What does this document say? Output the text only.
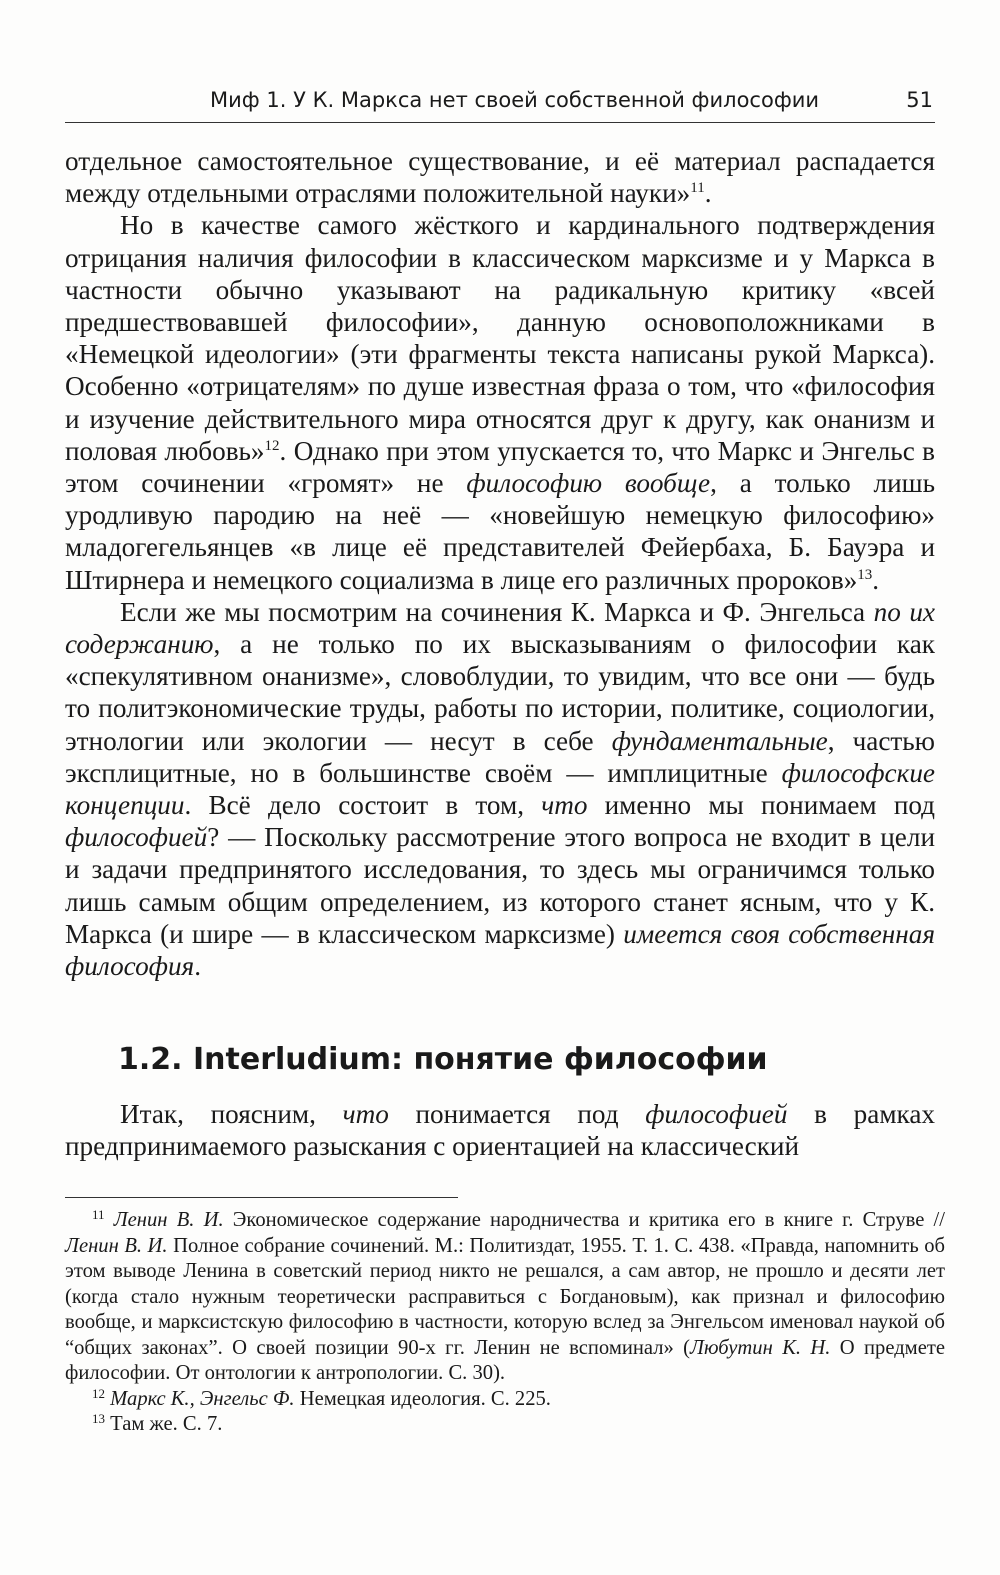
Миф 1. У К. Маркса нет своей собственной философии	51

отдельное самостоятельное существование, и её материал распадается между отдельными отраслями положительной науки»$^{11}$.

Но в качестве самого жёсткого и кардинального подтверждения отрицания наличия философии в классическом марксизме и у Маркса в частности обычно указывают на радикальную критику «всей предшествовавшей философии», данную основоположниками в «Немецкой идеологии» (эти фрагменты текста написаны рукой Маркса). Особенно «отрицателям» по душе известная фраза о том, что «философия и изучение действительного мира относятся друг к другу, как онанизм и половая любовь»$^{12}$. Однако при этом упускается то, что Маркс и Энгельс в этом сочинении «громят» не философию вообще, а только лишь уродливую пародию на неё — «новейшую немецкую философию» младогегельянцев «в лице её представителей Фейербаха, Б. Бауэра и Штирнера и немецкого социализма в лице его различных пророков»$^{13}$.

Если же мы посмотрим на сочинения К. Маркса и Ф. Энгельса по их содержанию, а не только по их высказываниям о философии как «спекулятивном онанизме», словоблудии, то увидим, что все они — будь то политэкономические труды, работы по истории, политике, социологии, этнологии или экологии — несут в себе фундаментальные, частью эксплицитные, но в большинстве своём — имплицитные философские концепции. Всё дело состоит в том, что именно мы понимаем под философией? — Поскольку рассмотрение этого вопроса не входит в цели и задачи предпринятого исследования, то здесь мы ограничимся только лишь самым общим определением, из которого станет ясным, что у К. Маркса (и шире — в классическом марксизме) имеется своя собственная философия.

1.2. Interludium: понятие философии

Итак, поясним, что понимается под философией в рамках предпринимаемого разыскания с ориентацией на классический

$^{11}$ Ленин В. И. Экономическое содержание народничества и критика его в книге г. Струве // Ленин В. И. Полное собрание сочинений. М.: Политиздат, 1955. Т. 1. С. 438. «Правда, напомнить об этом выводе Ленина в советский период никто не решался, а сам автор, не прошло и десяти лет (когда стало нужным теоретически расправиться с Богдановым), как признал и философию вообще, и марксистскую философию в частности, которую вслед за Энгельсом именовал наукой об “общих законах”. О своей позиции 90-х гг. Ленин не вспоминал» (Любутин К. Н. О предмете философии. От онтологии к антропологии. С. 30).

$^{12}$ Маркс К., Энгельс Ф. Немецкая идеология. С. 225.

$^{13}$ Там же. С. 7.
